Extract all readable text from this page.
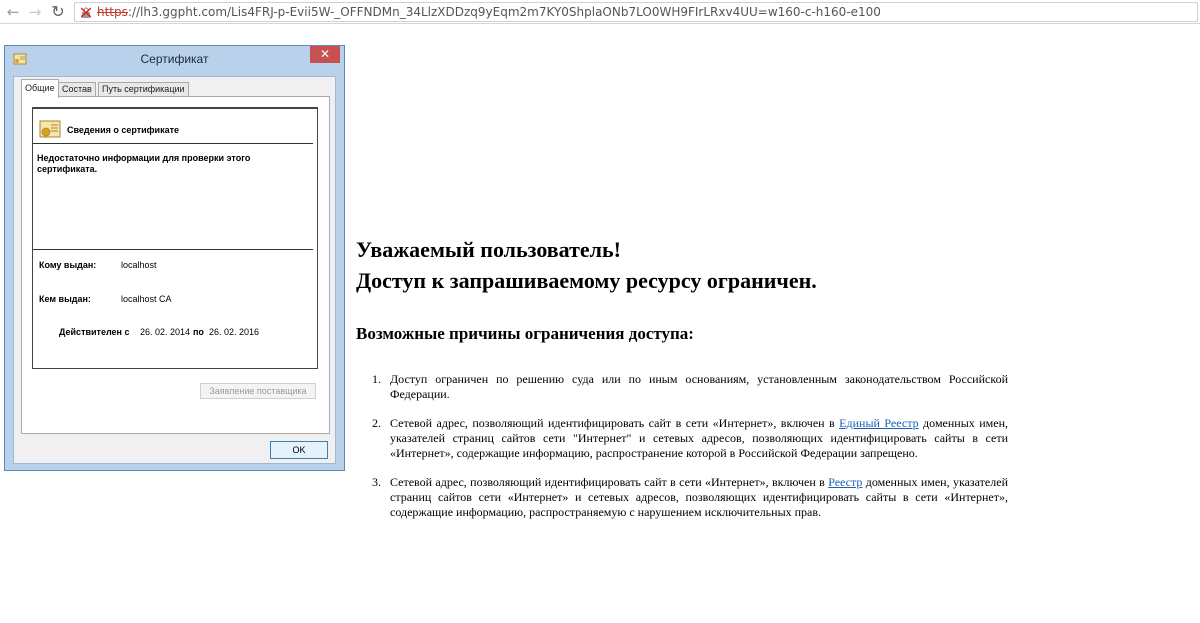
← → ↻	https://lh3.ggpht.com/Lis4FRJ-p-Evii5W-_OFFNDMn_34LlzXDDzq9yEqm2m7KY0ShplaONb7LO0WH9FIrLRxv4UU=w160-c-h160-e100
Сертификат	✕
Общие Состав	Путь сертификации
Сведения о сертификате
Недостаточно информации для проверки этого сертификата.
Кому выдан:	localhost
Кем выдан:	localhost CA
Действителен с 26. 02. 2014 по 26. 02. 2016
Заявление поставщика
OK
Уважаемый пользователь!
Доступ к запрашиваемому ресурсу ограничен.
Возможные причины ограничения доступа:
1. Доступ ограничен по решению суда или по иным основаниям, установленным законодательством Российской Федерации.
2. Сетевой адрес, позволяющий идентифицировать сайт в сети «Интернет», включен в Единый Реестр доменных имен, указателей страниц сайтов сети "Интернет" и сетевых адресов, позволяющих идентифицировать сайты в сети «Интернет», содержащие информацию, распространение которой в Российской Федерации запрещено.
3. Сетевой адрес, позволяющий идентифицировать сайт в сети «Интернет», включен в Реестр доменных имен, указателей страниц сайтов сети «Интернет» и сетевых адресов, позволяющих идентифицировать сайты в сети «Интернет», содержащие информацию, распространяемую с нарушением исключительных прав.
